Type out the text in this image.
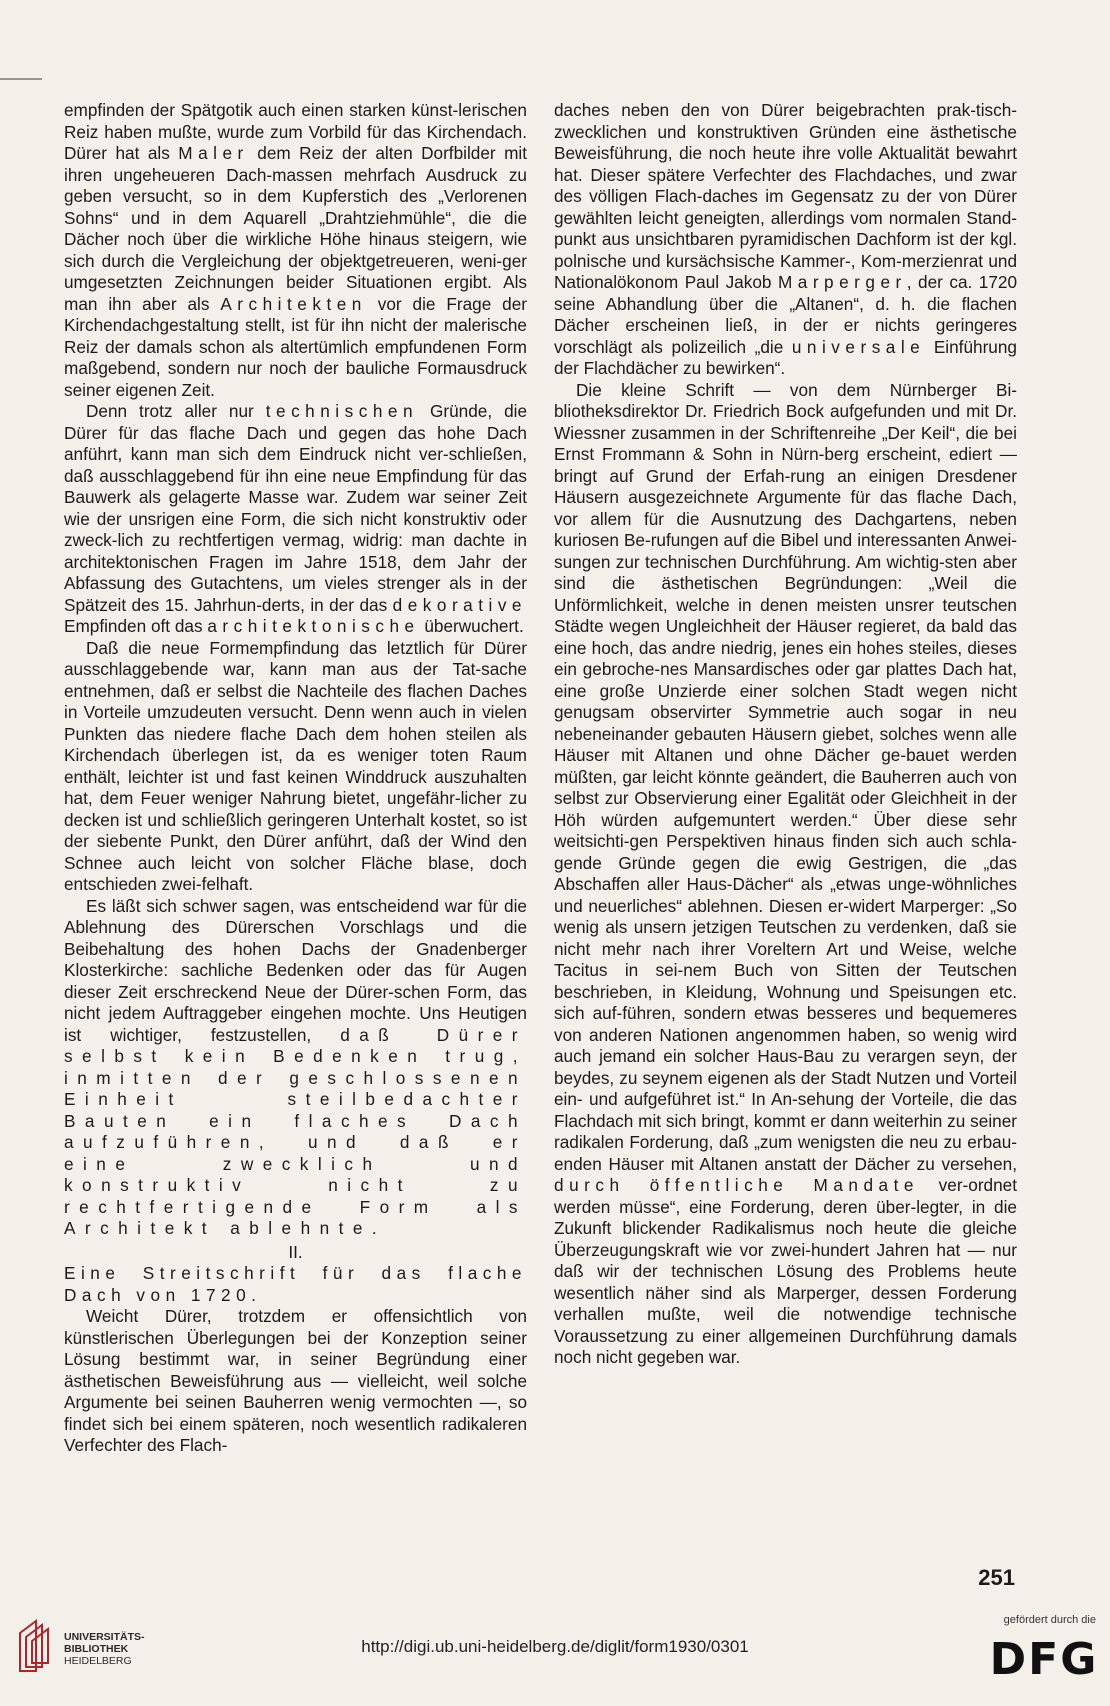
empfinden der Spätgotik auch einen starken künst-lerischen Reiz haben mußte, wurde zum Vorbild für das Kirchendach. Dürer hat als Maler dem Reiz der alten Dorfbilder mit ihren ungeheueren Dach-massen mehrfach Ausdruck zu geben versucht, so in dem Kupferstich des „Verlorenen Sohns“ und in dem Aquarell „Drahtziehmühle“, die die Dächer noch über die wirkliche Höhe hinaus steigern, wie sich durch die Vergleichung der objektgetreueren, weni-ger umgesetzten Zeichnungen beider Situationen ergibt. Als man ihn aber als Architekten vor die Frage der Kirchendachgestaltung stellt, ist für ihn nicht der malerische Reiz der damals schon als altertümlich empfundenen Form maßgebend, sondern nur noch der bauliche Formausdruck seiner eigenen Zeit.

Denn trotz aller nur technischen Gründe, die Dürer für das flache Dach und gegen das hohe Dach anführt, kann man sich dem Eindruck nicht ver-schließen, daß ausschlaggebend für ihn eine neue Empfindung für das Bauwerk als gelagerte Masse war. Zudem war seiner Zeit wie der unsrigen eine Form, die sich nicht konstruktiv oder zweck-lich zu rechtfertigen vermag, widrig: man dachte in architektonischen Fragen im Jahre 1518, dem Jahr der Abfassung des Gutachtens, um vieles strenger als in der Spätzeit des 15. Jahrhun-derts, in der das dekorative Empfinden oft das architektonische überwuchert.

Daß die neue Formempfindung das letztlich für Dürer ausschlaggebende war, kann man aus der Tat-sache entnehmen, daß er selbst die Nachteile des flachen Daches in Vorteile umzudeuten versucht. Denn wenn auch in vielen Punkten das niedere flache Dach dem hohen steilen als Kirchendach überlegen ist, da es weniger toten Raum enthält, leichter ist und fast keinen Winddruck auszuhalten hat, dem Feuer weniger Nahrung bietet, ungefähr-licher zu decken ist und schließlich geringeren Unterhalt kostet, so ist der siebente Punkt, den Dürer anführt, daß der Wind den Schnee auch leicht von solcher Fläche blase, doch entschieden zwei-felhaft.

Es läßt sich schwer sagen, was entscheidend war für die Ablehnung des Dürerschen Vorschlags und die Beibehaltung des hohen Dachs der Gnadenberger Klosterkirche: sachliche Bedenken oder das für Augen dieser Zeit erschreckend Neue der Dürer-schen Form, das nicht jedem Auftraggeber eingehen mochte. Uns Heutigen ist wichtiger, festzustellen, daß Dürer selbst kein Bedenken trug, inmitten der geschlossenen Einheit steilbedachter Bauten ein flaches Dach aufzuführen, und daß er eine zwecklich und konstruktiv nicht zu rechtfertigende Form als Architekt ablehnte.

II.

Eine Streitschrift für das flache Dach von 1720.

Weicht Dürer, trotzdem er offensichtlich von künstlerischen Überlegungen bei der Konzeption seiner Lösung bestimmt war, in seiner Begründung einer ästhetischen Beweisführung aus — vielleicht, weil solche Argumente bei seinen Bauherren wenig vermochten —, so findet sich bei einem späteren, noch wesentlich radikaleren Verfechter des Flach-

daches neben den von Dürer beigebrachten prak-tisch-zwecklichen und konstruktiven Gründen eine ästhetische Beweisführung, die noch heute ihre volle Aktualität bewahrt hat. Dieser spätere Verfechter des Flachdaches, und zwar des völligen Flach-daches im Gegensatz zu der von Dürer gewählten leicht geneigten, allerdings vom normalen Stand-punkt aus unsichtbaren pyramidischen Dachform ist der kgl. polnische und kursächsische Kammer-, Kom-merzienrat und Nationalökonom Paul Jakob Marperger, der ca. 1720 seine Abhandlung über die „Altanen“, d. h. die flachen Dächer erscheinen ließ, in der er nichts geringeres vorschlägt als polizeilich „die universale Einführung der Flachdächer zu bewirken“.

Die kleine Schrift — von dem Nürnberger Bi-bliotheksdirektor Dr. Friedrich Bock aufgefunden und mit Dr. Wiessner zusammen in der Schriftenreihe „Der Keil“, die bei Ernst Frommann & Sohn in Nürn-berg erscheint, ediert — bringt auf Grund der Erfah-rung an einigen Dresdener Häusern ausgezeichnete Argumente für das flache Dach, vor allem für die Ausnutzung des Dachgartens, neben kuriosen Be-rufungen auf die Bibel und interessanten Anwei-sungen zur technischen Durchführung. Am wichtig-sten aber sind die ästhetischen Begründungen: „Weil die Unförmlichkeit, welche in denen meisten unsrer teutschen Städte wegen Ungleichheit der Häuser regieret, da bald das eine hoch, das andre niedrig, jenes ein hohes steiles, dieses ein gebroche-nes Mansardisches oder gar plattes Dach hat, eine große Unzierde einer solchen Stadt wegen nicht genugsam observirter Symmetrie auch sogar in neu nebeneinander gebauten Häusern giebet, solches wenn alle Häuser mit Altanen und ohne Dächer ge-bauet werden müßten, gar leicht könnte geändert, die Bauherren auch von selbst zur Observierung einer Egalität oder Gleichheit in der Höh würden aufgemuntert werden.“ Über diese sehr weitsichti-gen Perspektiven hinaus finden sich auch schla-gende Gründe gegen die ewig Gestrigen, die „das Abschaffen aller Haus-Dächer“ als „etwas unge-wöhnliches und neuerliches“ ablehnen. Diesen er-widert Marperger: „So wenig als unsern jetzigen Teutschen zu verdenken, daß sie nicht mehr nach ihrer Voreltern Art und Weise, welche Tacitus in sei-nem Buch von Sitten der Teutschen beschrieben, in Kleidung, Wohnung und Speisungen etc. sich auf-führen, sondern etwas besseres und bequemeres von anderen Nationen angenommen haben, so wenig wird auch jemand ein solcher Haus-Bau zu verargen seyn, der beydes, zu seynem eigenen als der Stadt Nutzen und Vorteil ein- und aufgeführet ist.“ In An-sehung der Vorteile, die das Flachdach mit sich bringt, kommt er dann weiterhin zu seiner radikalen Forderung, daß „zum wenigsten die neu zu erbau-enden Häuser mit Altanen anstatt der Dächer zu versehen, durch öffentliche Mandate ver-ordnet werden müsse“, eine Forderung, deren über-legter, in die Zukunft blickender Radikalismus noch heute die gleiche Überzeugungskraft wie vor zwei-hundert Jahren hat — nur daß wir der technischen Lösung des Problems heute wesentlich näher sind als Marperger, dessen Forderung verhallen mußte, weil die notwendige technische Voraussetzung zu einer allgemeinen Durchführung damals noch nicht gegeben war.

251
UNIVERSITÄTS-
BIBLIOTHEK
HEIDELBERG
http://digi.ub.uni-heidelberg.de/diglit/form1930/0301
gefördert durch die
DFG
